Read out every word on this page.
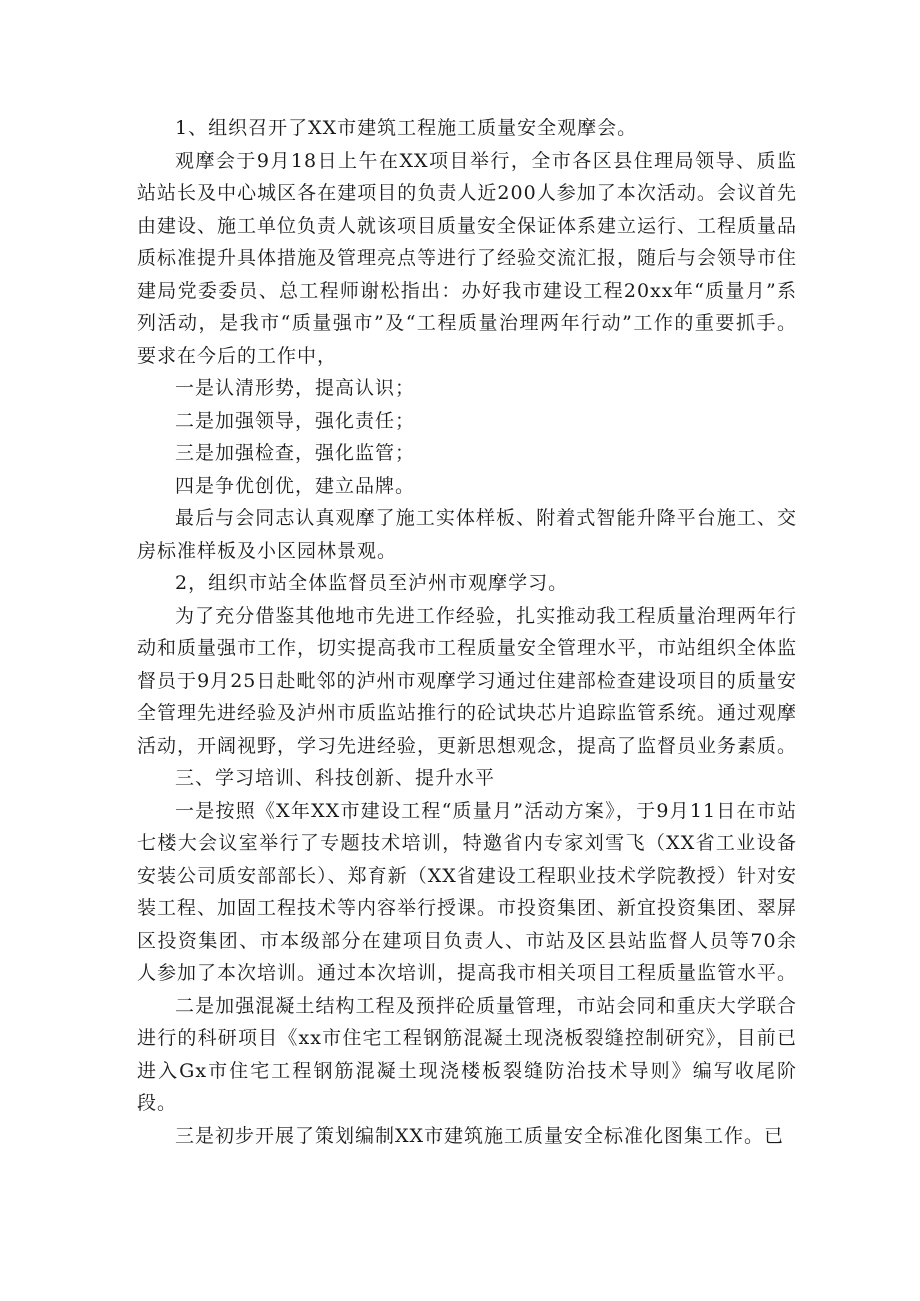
1、组织召开了XX市建筑工程施工质量安全观摩会。

观摩会于9月18日上午在XX项目举行，全市各区县住理局领导、质监站站长及中心城区各在建项目的负责人近200人参加了本次活动。会议首先由建设、施工单位负责人就该项目质量安全保证体系建立运行、工程质量品质标准提升具体措施及管理亮点等进行了经验交流汇报，随后与会领导市住建局党委委员、总工程师谢松指出：办好我市建设工程20xx年“质量月”系列活动，是我市“质量强市”及“工程质量治理两年行动”工作的重要抓手。要求在今后的工作中，

一是认清形势，提高认识；

二是加强领导，强化责任；

三是加强检查，强化监管；

四是争优创优，建立品牌。

最后与会同志认真观摩了施工实体样板、附着式智能升降平台施工、交房标准样板及小区园林景观。

2，组织市站全体监督员至泸州市观摩学习。

为了充分借鉴其他地市先进工作经验，扎实推动我工程质量治理两年行动和质量强市工作，切实提高我市工程质量安全管理水平，市站组织全体监督员于9月25日赴毗邻的泸州市观摩学习通过住建部检查建设项目的质量安全管理先进经验及泸州市质监站推行的砼试块芯片追踪监管系统。通过观摩活动，开阔视野，学习先进经验，更新思想观念，提高了监督员业务素质。

三、学习培训、科技创新、提升水平

一是按照《X年XX市建设工程“质量月”活动方案》，于9月11日在市站七楼大会议室举行了专题技术培训，特邀省内专家刘雪飞（XX省工业设备安装公司质安部部长）、郑育新（XX省建设工程职业技术学院教授）针对安装工程、加固工程技术等内容举行授课。市投资集团、新宜投资集团、翠屏区投资集团、市本级部分在建项目负责人、市站及区县站监督人员等70余人参加了本次培训。通过本次培训，提高我市相关项目工程质量监管水平。

二是加强混凝土结构工程及预拌砼质量管理，市站会同和重庆大学联合进行的科研项目《xx市住宅工程钢筋混凝土现浇板裂缝控制研究》，目前已进入Gx市住宅工程钢筋混凝土现浇楼板裂缝防治技术导则》编写收尾阶段。

三是初步开展了策划编制XX市建筑施工质量安全标准化图集工作。已
